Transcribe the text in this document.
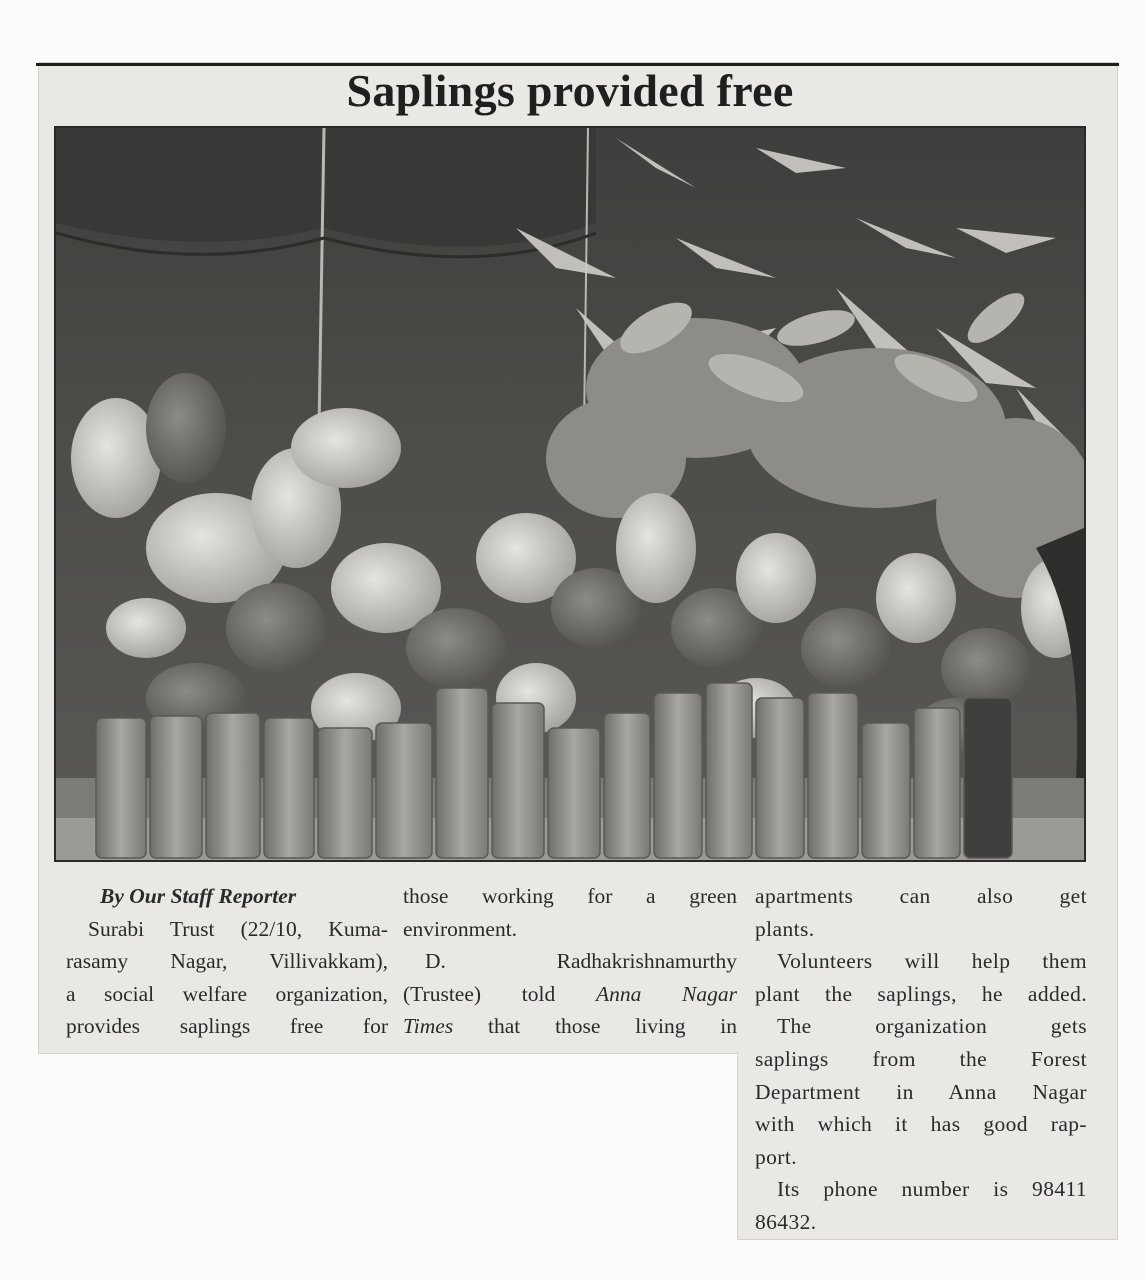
Saplings provided free
By Our Staff Reporter
Surabi Trust (22/10, Kuma-
rasamy Nagar, Villivakkam),
a social welfare organization,
provides saplings free for
those working for a green
environment.
D. Radhakrishnamurthy
(Trustee) told Anna Nagar
Times that those living in
apartments can also get
plants.
Volunteers will help them
plant the saplings, he added.
The organization gets
saplings from the Forest
Department in Anna Nagar
with which it has good rap-
port.
Its phone number is 98411
86432.
